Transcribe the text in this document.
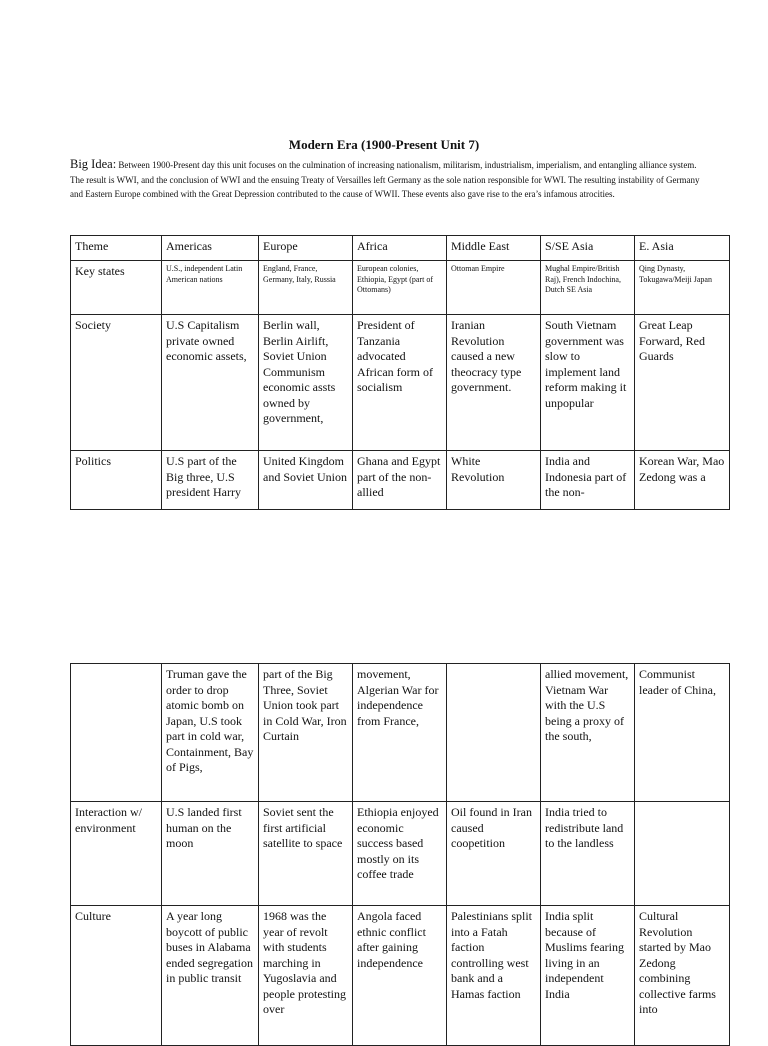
Modern Era (1900-Present Unit 7)
Big Idea: Between 1900-Present day this unit focuses on the culmination of increasing nationalism, militarism, industrialism, imperialism, and entangling alliance system. The result is WWI, and the conclusion of WWI and the ensuing Treaty of Versailles left Germany as the sole nation responsible for WWI. The resulting instability of Germany and Eastern Europe combined with the Great Depression contributed to the cause of WWII. These events also gave rise to the era’s infamous atrocities.
Theme	Americas	Europe	Africa	Middle East	S/SE Asia	E. Asia
Key states	U.S., independent Latin American nations	England, France, Germany, Italy, Russia	European colonies, Ethiopia, Egypt (part of Ottomans)	Ottoman Empire	Mughal Empire/British Raj), French Indochina, Dutch SE Asia	Qing Dynasty, Tokugawa/Meiji Japan
Society	U.S Capitalism private owned economic assets,	Berlin wall, Berlin Airlift, Soviet Union Communism economic assts owned by government,	President of Tanzania advocated African form of socialism	Iranian Revolution caused a new theocracy type government.	South Vietnam government was slow to implement land reform making it unpopular	Great Leap Forward, Red Guards
Politics	U.S part of the Big three, U.S president Harry	United Kingdom and Soviet Union	Ghana and Egypt part of the non-allied	White Revolution	India and Indonesia part of the non-	Korean War, Mao Zedong was a
	Truman gave the order to drop atomic bomb on Japan, U.S took part in cold war, Containment, Bay of Pigs,	part of the Big Three, Soviet Union took part in Cold War, Iron Curtain	movement, Algerian War for independence from France,		allied movement, Vietnam War with the U.S being a proxy of the south,	Communist leader of China,
Interaction w/ environment	U.S landed first human on the moon	Soviet sent the first artificial satellite to space	Ethiopia enjoyed economic success based mostly on its coffee trade	Oil found in Iran caused coopetition	India tried to redistribute land to the landless	
Culture	A year long boycott of public buses in Alabama ended segregation in public transit	1968 was the year of revolt with students marching in Yugoslavia and people protesting over	Angola faced ethnic conflict after gaining independence	Palestinians split into a Fatah faction controlling west bank and a Hamas faction	India split because of Muslims fearing living in an independent India	Cultural Revolution started by Mao Zedong combining collective farms into
